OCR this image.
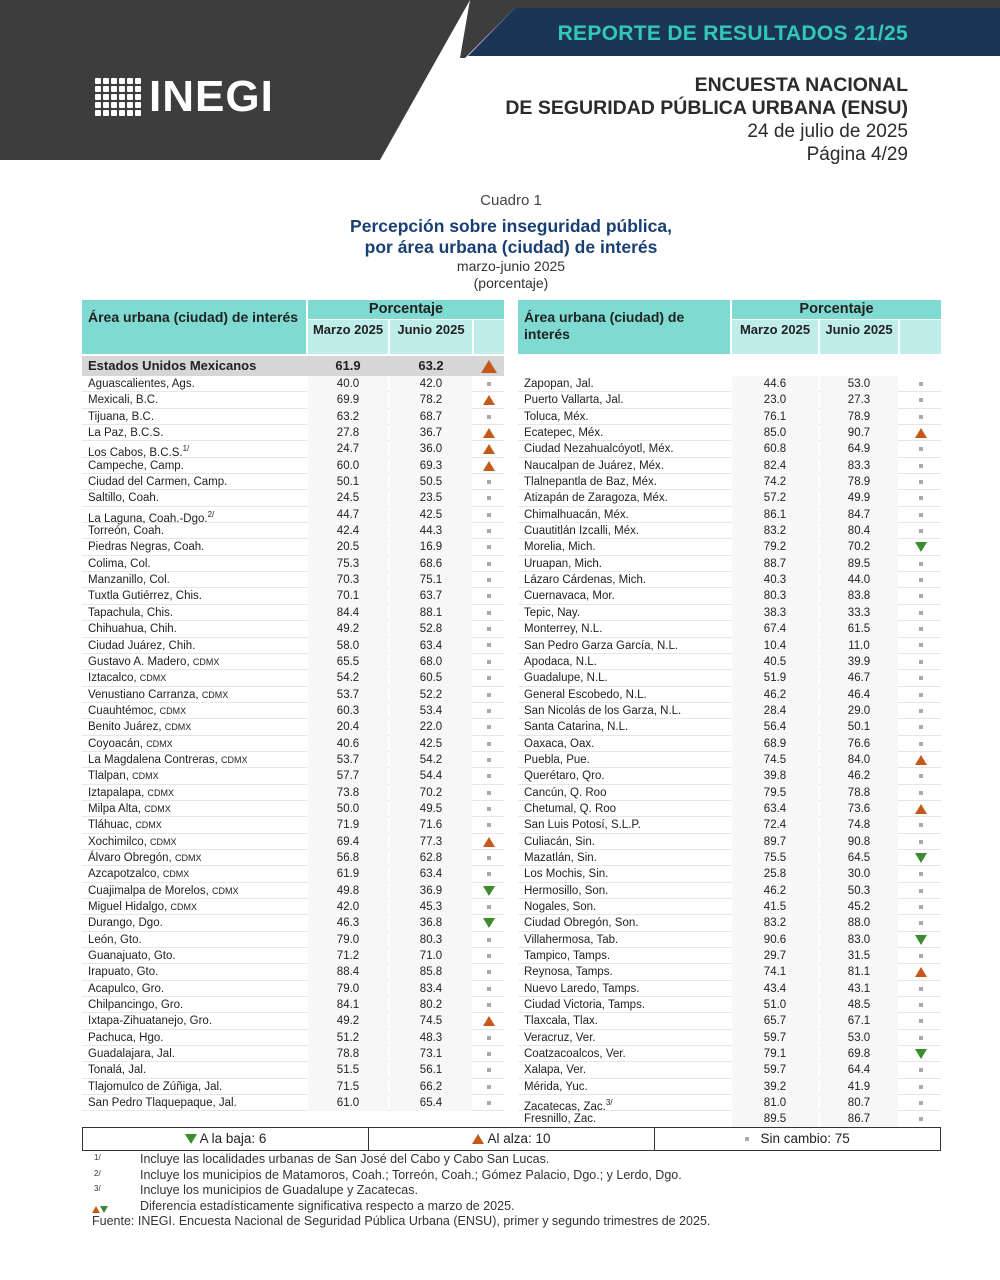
REPORTE DE RESULTADOS 21/25
INEGI	ENCUESTA NACIONAL
DE SEGURIDAD PÚBLICA URBANA (ENSU)
24 de julio de 2025
Página 4/29
Cuadro 1
Percepción sobre inseguridad pública,
por área urbana (ciudad) de interés
marzo-junio 2025
(porcentaje)
Área urbana (ciudad) de interés	Porcentaje
Marzo 2025	Junio 2025
Estados Unidos Mexicanos	61.9	63.2
Aguascalientes, Ags.	40.0	42.0
Mexicali, B.C.	69.9	78.2
Tijuana, B.C.	63.2	68.7
La Paz, B.C.S.	27.8	36.7
Los Cabos, B.C.S.$^{1/}$	24.7	36.0
Campeche, Camp.	60.0	69.3
Ciudad del Carmen, Camp.	50.1	50.5
Saltillo, Coah.	24.5	23.5
La Laguna, Coah.-Dgo.$^{2/}$	44.7	42.5
Torreón, Coah.	42.4	44.3
Piedras Negras, Coah.	20.5	16.9
Colima, Col.	75.3	68.6
Manzanillo, Col.	70.3	75.1
Tuxtla Gutiérrez, Chis.	70.1	63.7
Tapachula, Chis.	84.4	88.1
Chihuahua, Chih.	49.2	52.8
Ciudad Juárez, Chih.	58.0	63.4
Gustavo A. Madero, CDMX	65.5	68.0
Iztacalco, CDMX	54.2	60.5
Venustiano Carranza, CDMX	53.7	52.2
Cuauhtémoc, CDMX	60.3	53.4
Benito Juárez, CDMX	20.4	22.0
Coyoacán, CDMX	40.6	42.5
La Magdalena Contreras, CDMX	53.7	54.2
Tlalpan, CDMX	57.7	54.4
Iztapalapa, CDMX	73.8	70.2
Milpa Alta, CDMX	50.0	49.5
Tláhuac, CDMX	71.9	71.6
Xochimilco, CDMX	69.4	77.3
Álvaro Obregón, CDMX	56.8	62.8
Azcapotzalco, CDMX	61.9	63.4
Cuajimalpa de Morelos, CDMX	49.8	36.9
Miguel Hidalgo, CDMX	42.0	45.3
Durango, Dgo.	46.3	36.8
León, Gto.	79.0	80.3
Guanajuato, Gto.	71.2	71.0
Irapuato, Gto.	88.4	85.8
Acapulco, Gro.	79.0	83.4
Chilpancingo, Gro.	84.1	80.2
Ixtapa-Zihuatanejo, Gro.	49.2	74.5
Pachuca, Hgo.	51.2	48.3
Guadalajara, Jal.	78.8	73.1
Tonalá, Jal.	51.5	56.1
Tlajomulco de Zúñiga, Jal.	71.5	66.2
San Pedro Tlaquepaque, Jal.	61.0	65.4
Área urbana (ciudad) de interés
Porcentaje
Marzo 2025	Junio 2025
Zapopan, Jal.	44.6	53.0
Puerto Vallarta, Jal.	23.0	27.3
Toluca, Méx.	76.1	78.9
Ecatepec, Méx.	85.0	90.7
Ciudad Nezahualcóyotl, Méx.	60.8	64.9
Naucalpan de Juárez, Méx.	82.4	83.3
Tlalnepantla de Baz, Méx.	74.2	78.9
Atizapán de Zaragoza, Méx.	57.2	49.9
Chimalhuacán, Méx.	86.1	84.7
Cuautitlán Izcalli, Méx.	83.2	80.4
Morelia, Mich.	79.2	70.2
Uruapan, Mich.	88.7	89.5
Lázaro Cárdenas, Mich.	40.3	44.0
Cuernavaca, Mor.	80.3	83.8
Tepic, Nay.	38.3	33.3
Monterrey, N.L.	67.4	61.5
San Pedro Garza García, N.L.	10.4	11.0
Apodaca, N.L.	40.5	39.9
Guadalupe, N.L.	51.9	46.7
General Escobedo, N.L.	46.2	46.4
San Nicolás de los Garza, N.L.	28.4	29.0
Santa Catarina, N.L.	56.4	50.1
Oaxaca, Oax.	68.9	76.6
Puebla, Pue.	74.5	84.0
Querétaro, Qro.	39.8	46.2
Cancún, Q. Roo	79.5	78.8
Chetumal, Q. Roo	63.4	73.6
San Luis Potosí, S.L.P.	72.4	74.8
Culiacán, Sin.	89.7	90.8
Mazatlán, Sin.	75.5	64.5
Los Mochis, Sin.	25.8	30.0
Hermosillo, Son.	46.2	50.3
Nogales, Son.	41.5	45.2
Ciudad Obregón, Son.	83.2	88.0
Villahermosa, Tab.	90.6	83.0
Tampico, Tamps.	29.7	31.5
Reynosa, Tamps.	74.1	81.1
Nuevo Laredo, Tamps.	43.4	43.1
Ciudad Victoria, Tamps.	51.0	48.5
Tlaxcala, Tlax.	65.7	67.1
Veracruz, Ver.	59.7	53.0
Coatzacoalcos, Ver.	79.1	69.8
Xalapa, Ver.	59.7	64.4
Mérida, Yuc.	39.2	41.9
Zacatecas, Zac.$^{3/}$	81.0	80.7
Fresnillo, Zac.	89.5	86.7
A la baja: 6	Al alza: 10	Sin cambio: 75
1/	Incluye las localidades urbanas de San José del Cabo y Cabo San Lucas.
2/	Incluye los municipios de Matamoros, Coah.; Torreón, Coah.; Gómez Palacio, Dgo.; y Lerdo, Dgo.
3/	Incluye los municipios de Guadalupe y Zacatecas.
Diferencia estadísticamente significativa respecto a marzo de 2025.
Fuente: INEGI. Encuesta Nacional de Seguridad Pública Urbana (ENSU), primer y segundo trimestres de 2025.
